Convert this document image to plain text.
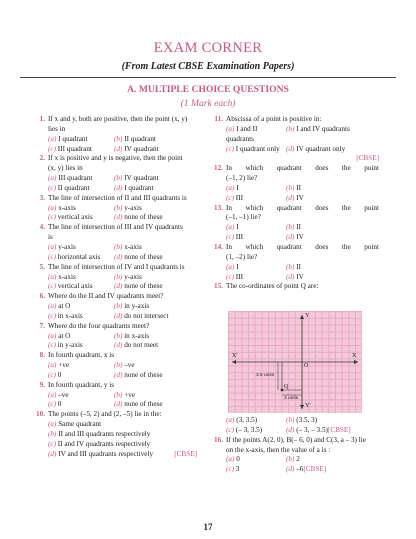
EXAM CORNER
(From Latest CBSE Examination Papers)
A. MULTIPLE CHOICE QUESTIONS
(1 Mark each)
1. If x and y, both are positive, then the point (x, y)
lies in
(a) I quadrant	(b) II quadrant
(c) III quadrant	(d) IV quadrant
2. If x is positive and y is negative, then the point
(x, y) lies in
(a) III quadrant	(b) IV quadrant
(c) II quadrant	(d) I quadrant
3. The line of intersection of II and III quadrants is
(a) x-axis	(b) y-axis
(c) vertical axis	(d) none of these
4. The line of intersection of III and IV quadrants
is
(a) y-axis	(b) x-axis
(c) horizontal axis	(d) none of these
5. The line of intersection of IV and I quadrants is
(a) x-axis	(b) y-axis
(c) vertical axis	(d) none of these
6. Where do the II and IV quadrants meet?
(a) at O	(b) in y-axis
(c) in x-axis	(d) do not intersect
7. Where do the four quadrants meet?
(a) at O	(b) in x-axis
(c) in y-axis	(d) do not meet
8. In fourth quadrant, x is
(a) +ve	(b) –ve
(c) 0	(d) none of these
9. In fourth quadrant, y is
(a) –ve	(b) +ve
(c) 0	(d) none of these
10. The points (–5, 2) and (2, –5) lie in the:
(a) Same quadrant
(b) II and III quadrants respectively
(c) II and IV quadrants respectively
(d) IV and III quadrants respectively	[CBSE]
11. Abscissa of a point is positive in:
(a) I and II quadrants
(b) I and IV quadrants
(c) I quadrant only (d) IV quadrant only
[CBSE]
12. In which quadrant does the point
(–1, 2) lie?
(a) I	(b) II
(c) III	(d) IV
13. In which quadrant does the point
(–1, –1) lie?
(a) I	(b) II
(c) III	(d) IV
14. In which quadrant does the point
(1, –2) lie?
(a) I	(b) II
(c) III	(d) IV
15. The co-ordinates of point Q are:
X
X'
Y
Y'
O
Q
3.5 units
3 units
(a) (3, 3.5)	(b) (3.5, 3)
(c) (– 3, 3.5)	(d) (– 3, – 3.5) [CBSE]
16. If the points A(2, 0), B(– 6, 0) and C(3, a – 3) lie
on the x-axis, then the value of a is :
(a) 0	(b) 2
(c) 3	(d) –6 [CBSE]
17
